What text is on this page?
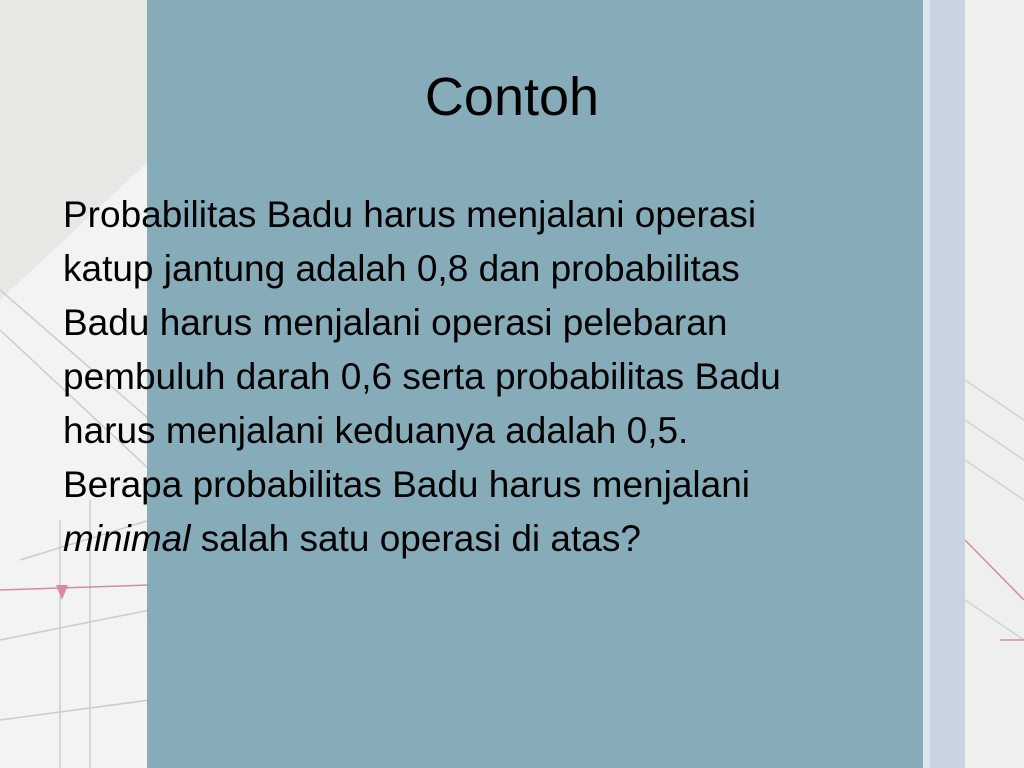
Contoh
Probabilitas Badu harus menjalani operasi
katup jantung adalah 0,8 dan probabilitas
Badu harus menjalani operasi pelebaran
pembuluh darah 0,6 serta probabilitas Badu
harus menjalani keduanya adalah 0,5.
Berapa probabilitas Badu harus menjalani
minimal salah satu operasi di atas?
